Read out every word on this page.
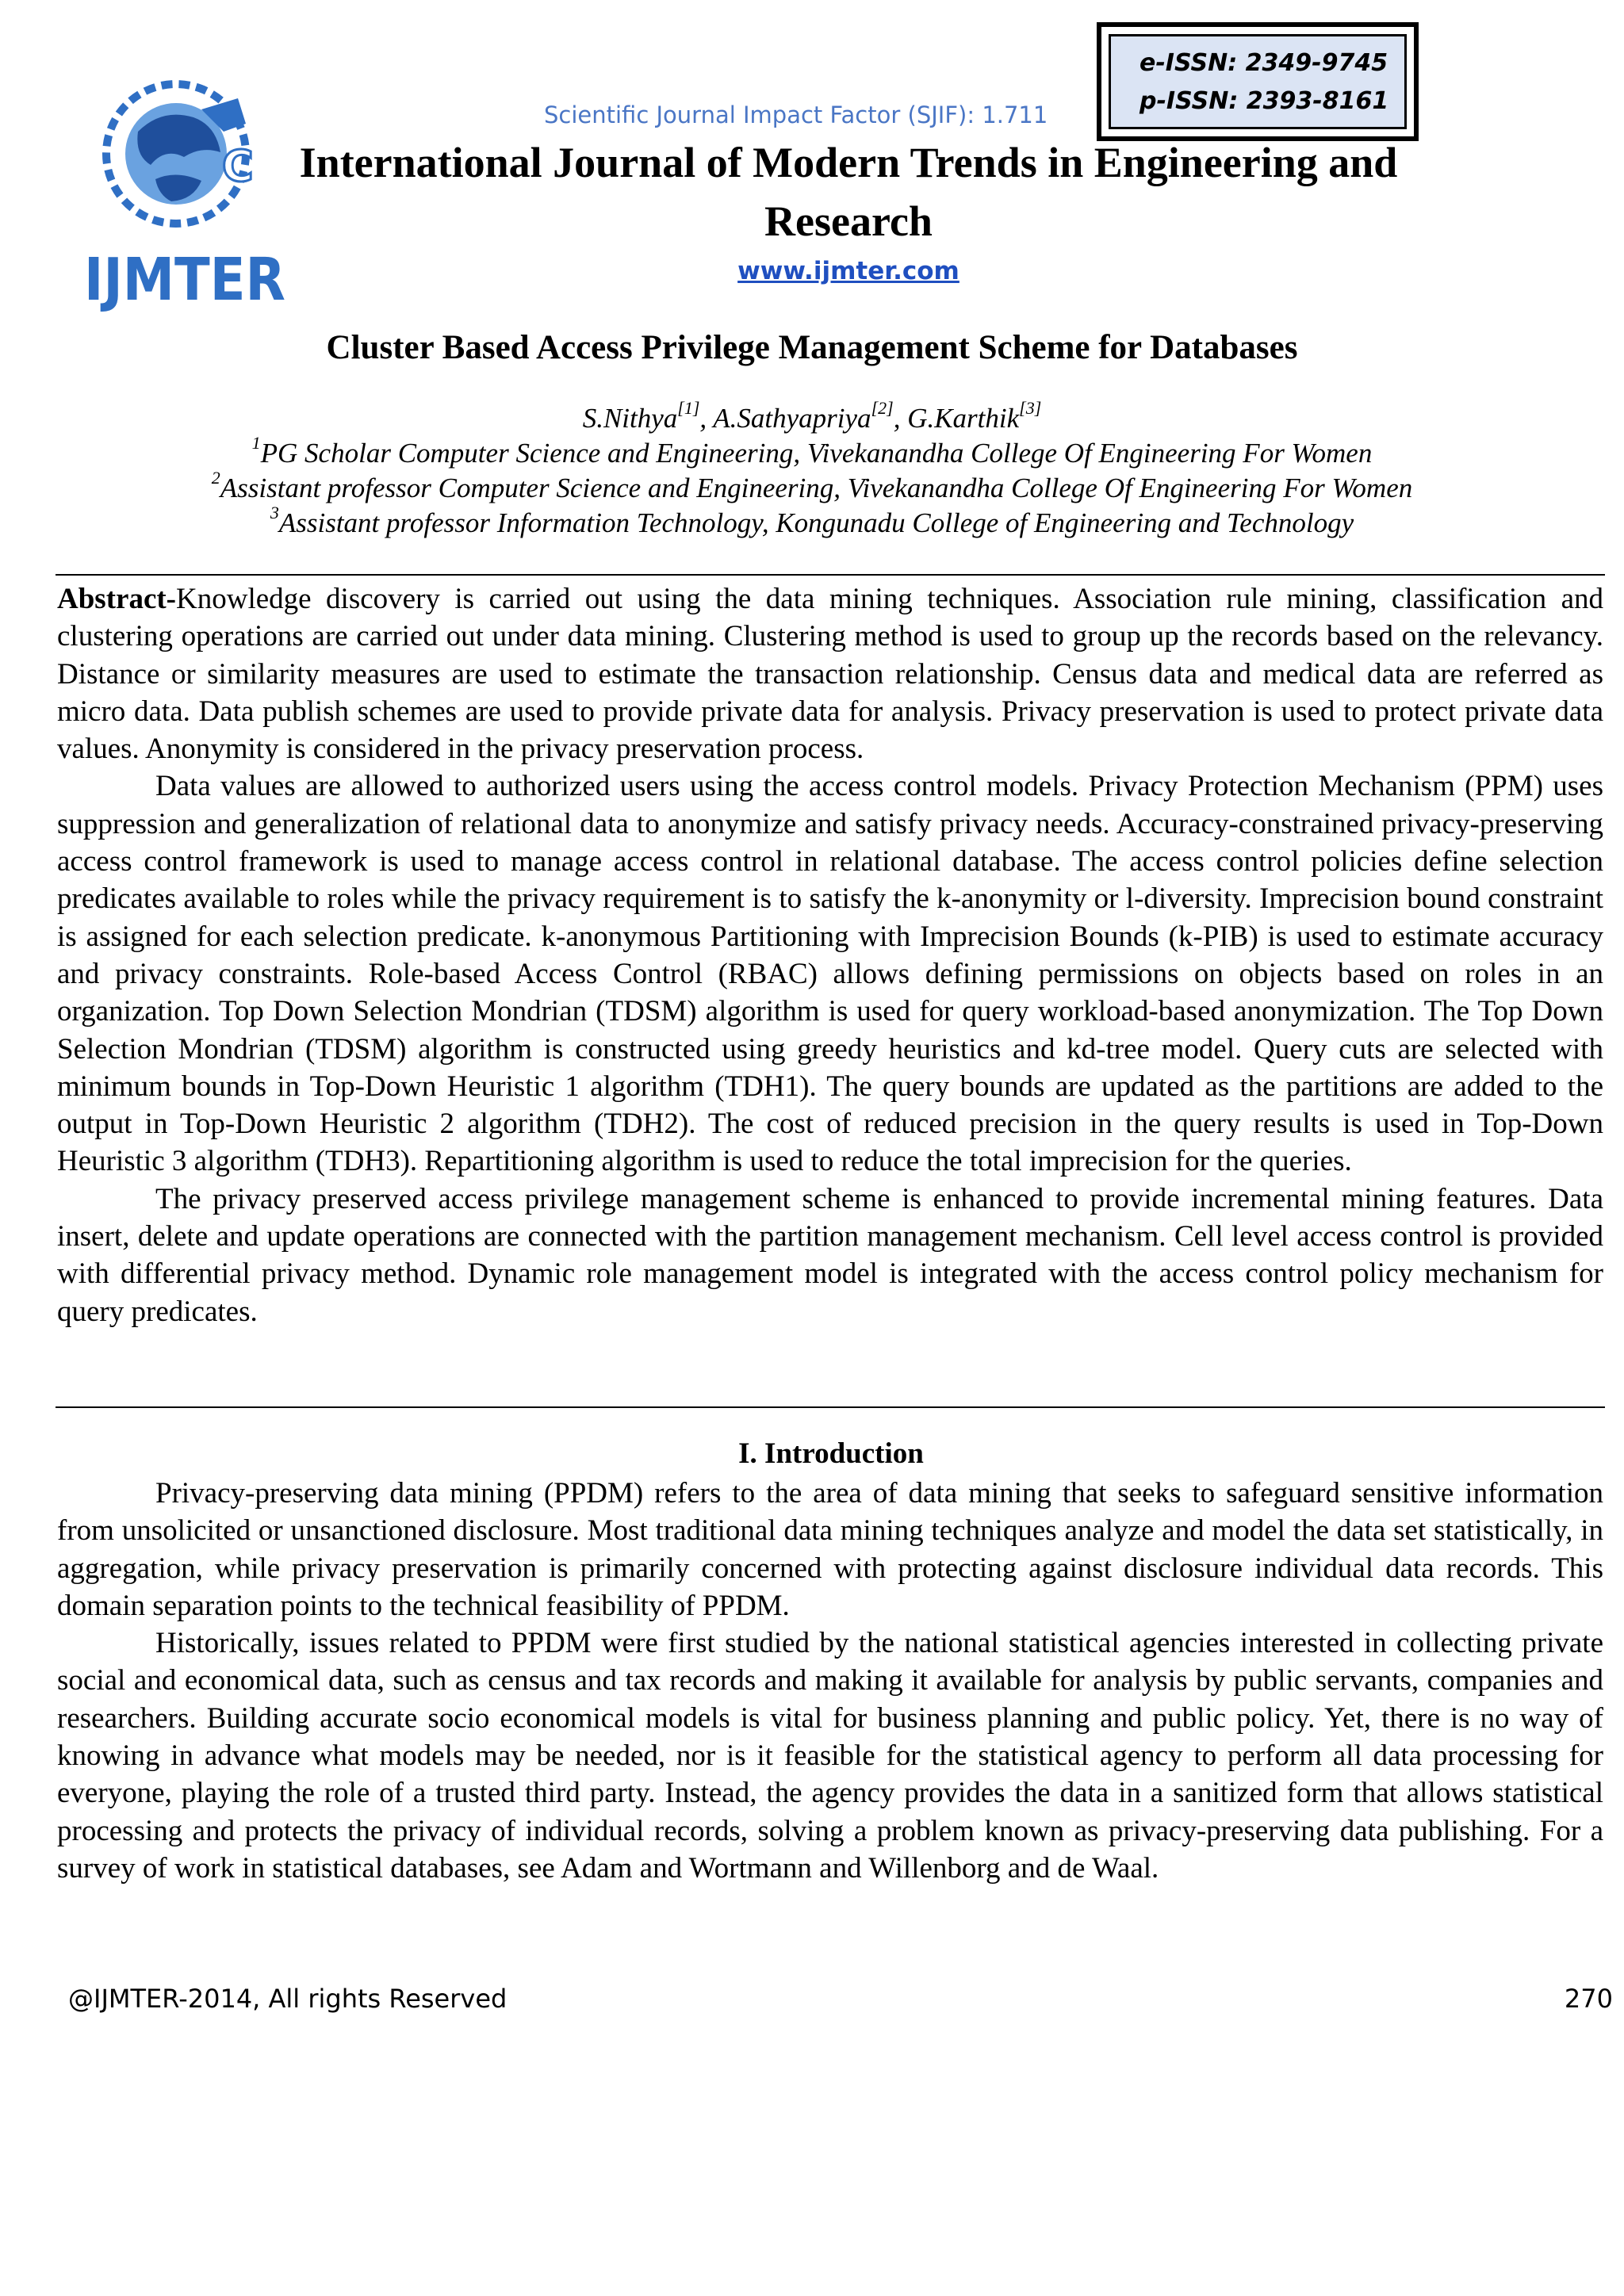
C
IJMTER
Scientific Journal Impact Factor (SJIF): 1.711
e-ISSN: 2349-9745
p-ISSN: 2393-8161
International Journal of Modern Trends in Engineering and Research
www.ijmter.com
Cluster Based Access Privilege Management Scheme for Databases
S.Nithya[1], A.Sathyapriya[2], G.Karthik[3]
$^1$PG Scholar Computer Science and Engineering, Vivekanandha College Of Engineering For Women
$^2$Assistant professor Computer Science and Engineering, Vivekanandha College Of Engineering For Women
$^3$Assistant professor Information Technology, Kongunadu College of Engineering and Technology

Abstract-Knowledge discovery is carried out using the data mining techniques. Association rule mining, classification and clustering operations are carried out under data mining. Clustering method is used to group up the records based on the relevancy. Distance or similarity measures are used to estimate the transaction relationship. Census data and medical data are referred as micro data. Data publish schemes are used to provide private data for analysis. Privacy preservation is used to protect private data values. Anonymity is considered in the privacy preservation process.

Data values are allowed to authorized users using the access control models. Privacy Protection Mechanism (PPM) uses suppression and generalization of relational data to anonymize and satisfy privacy needs. Accuracy-constrained privacy-preserving access control framework is used to manage access control in relational database. The access control policies define selection predicates available to roles while the privacy requirement is to satisfy the k-anonymity or l-diversity. Imprecision bound constraint is assigned for each selection predicate. k-anonymous Partitioning with Imprecision Bounds (k-PIB) is used to estimate accuracy and privacy constraints. Role-based Access Control (RBAC) allows defining permissions on objects based on roles in an organization. Top Down Selection Mondrian (TDSM) algorithm is used for query workload-based anonymization. The Top Down Selection Mondrian (TDSM) algorithm is constructed using greedy heuristics and kd-tree model. Query cuts are selected with minimum bounds in Top-Down Heuristic 1 algorithm (TDH1). The query bounds are updated as the partitions are added to the output in Top-Down Heuristic 2 algorithm (TDH2). The cost of reduced precision in the query results is used in Top-Down Heuristic 3 algorithm (TDH3). Repartitioning algorithm is used to reduce the total imprecision for the queries.

The privacy preserved access privilege management scheme is enhanced to provide incremental mining features. Data insert, delete and update operations are connected with the partition management mechanism. Cell level access control is provided with differential privacy method. Dynamic role management model is integrated with the access control policy mechanism for query predicates.

I. Introduction

Privacy-preserving data mining (PPDM) refers to the area of data mining that seeks to safeguard sensitive information from unsolicited or unsanctioned disclosure. Most traditional data mining techniques analyze and model the data set statistically, in aggregation, while privacy preservation is primarily concerned with protecting against disclosure individual data records. This domain separation points to the technical feasibility of PPDM.

Historically, issues related to PPDM were first studied by the national statistical agencies interested in collecting private social and economical data, such as census and tax records and making it available for analysis by public servants, companies and researchers. Building accurate socio economical models is vital for business planning and public policy. Yet, there is no way of knowing in advance what models may be needed, nor is it feasible for the statistical agency to perform all data processing for everyone, playing the role of a trusted third party. Instead, the agency provides the data in a sanitized form that allows statistical processing and protects the privacy of individual records, solving a problem known as privacy-preserving data publishing. For a survey of work in statistical databases, see Adam and Wortmann and Willenborg and de Waal.

@IJMTER-2014, All rights Reserved	270
